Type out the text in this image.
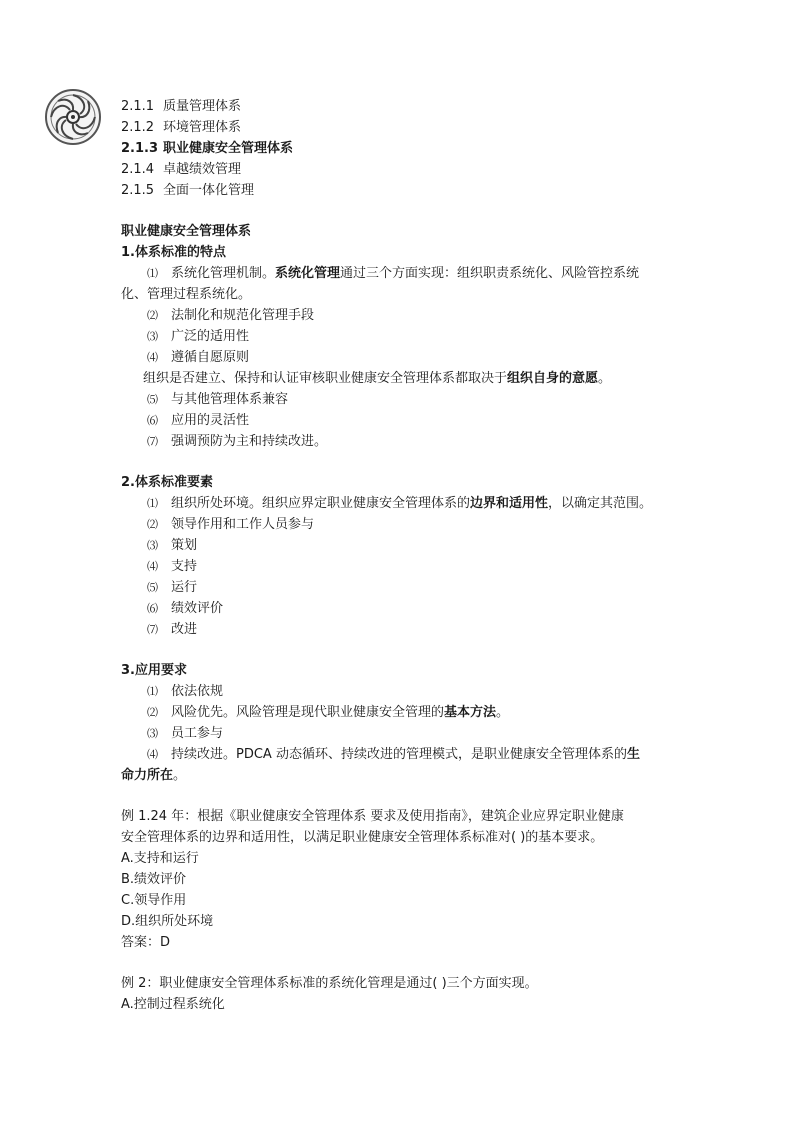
2.1.1 质量管理体系
2.1.2 环境管理体系
2.1.3 职业健康安全管理体系
2.1.4 卓越绩效管理
2.1.5 全面一体化管理
职业健康安全管理体系
1.体系标准的特点
⑴ 系统化管理机制。系统化管理通过三个方面实现：组织职责系统化、风险管控系统
化、管理过程系统化。
⑵ 法制化和规范化管理手段
⑶ 广泛的适用性
⑷ 遵循自愿原则
组织是否建立、保持和认证审核职业健康安全管理体系都取决于组织自身的意愿。
⑸ 与其他管理体系兼容
⑹ 应用的灵活性
⑺ 强调预防为主和持续改进。
2.体系标准要素
⑴ 组织所处环境。组织应界定职业健康安全管理体系的边界和适用性，以确定其范围。
⑵ 领导作用和工作人员参与
⑶ 策划
⑷ 支持
⑸ 运行
⑹ 绩效评价
⑺ 改进
3.应用要求
⑴ 依法依规
⑵ 风险优先。风险管理是现代职业健康安全管理的基本方法。
⑶ 员工参与
⑷ 持续改进。PDCA 动态循环、持续改进的管理模式，是职业健康安全管理体系的生
命力所在。
例 1.24 年：根据《职业健康安全管理体系 要求及使用指南》，建筑企业应界定职业健康
安全管理体系的边界和适用性，以满足职业健康安全管理体系标准对( )的基本要求。
A.支持和运行
B.绩效评价
C.领导作用
D.组织所处环境
答案：D
例 2：职业健康安全管理体系标准的系统化管理是通过( )三个方面实现。
A.控制过程系统化
